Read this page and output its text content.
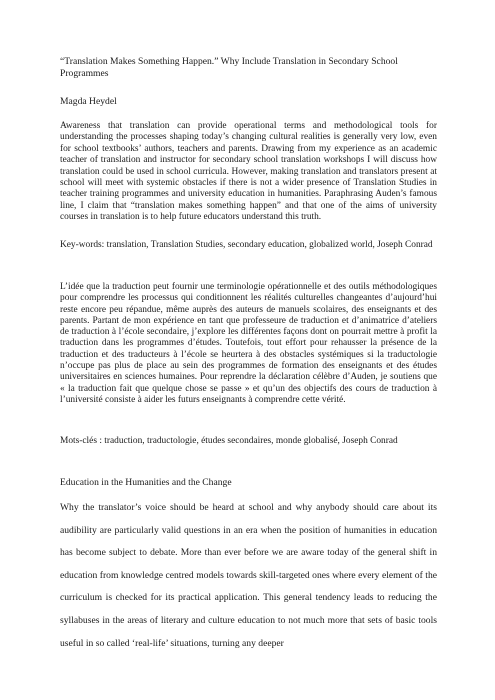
“Translation Makes Something Happen.” Why Include Translation in Secondary School Programmes

Magda Heydel

Awareness that translation can provide operational terms and methodological tools for understanding the processes shaping today’s changing cultural realities is generally very low, even for school textbooks’ authors, teachers and parents. Drawing from my experience as an academic teacher of translation and instructor for secondary school translation workshops I will discuss how translation could be used in school curricula. However, making translation and translators present at school will meet with systemic obstacles if there is not a wider presence of Translation Studies in teacher training programmes and university education in humanities. Paraphrasing Auden’s famous line, I claim that “translation makes something happen” and that one of the aims of university courses in translation is to help future educators understand this truth.

Key-words: translation, Translation Studies, secondary education, globalized world, Joseph Conrad

L’idée que la traduction peut fournir une terminologie opérationnelle et des outils méthodologiques pour comprendre les processus qui conditionnent les réalités culturelles changeantes d’aujourd’hui reste encore peu répandue, même auprès des auteurs de manuels scolaires, des enseignants et des parents. Partant de mon expérience en tant que professeure de traduction et d’animatrice d’ateliers de traduction à l’école secondaire, j’explore les différentes façons dont on pourrait mettre à profit la traduction dans les programmes d’études. Toutefois, tout effort pour rehausser la présence de la traduction et des traducteurs à l’école se heurtera à des obstacles systémiques si la traductologie n’occupe pas plus de place au sein des programmes de formation des enseignants et des études universitaires en sciences humaines. Pour reprendre la déclaration célèbre d’Auden, je soutiens que « la traduction fait que quelque chose se passe » et qu’un des objectifs des cours de traduction à l’université consiste à aider les futurs enseignants à comprendre cette vérité.

Mots-clés : traduction, traductologie, études secondaires, monde globalisé, Joseph Conrad

Education in the Humanities and the Change

Why the translator’s voice should be heard at school and why anybody should care about its audibility are particularly valid questions in an era when the position of humanities in education has become subject to debate. More than ever before we are aware today of the general shift in education from knowledge centred models towards skill-targeted ones where every element of the curriculum is checked for its practical application. This general tendency leads to reducing the syllabuses in the areas of literary and culture education to not much more that sets of basic tools useful in so called ‘real-life’ situations, turning any deeper
